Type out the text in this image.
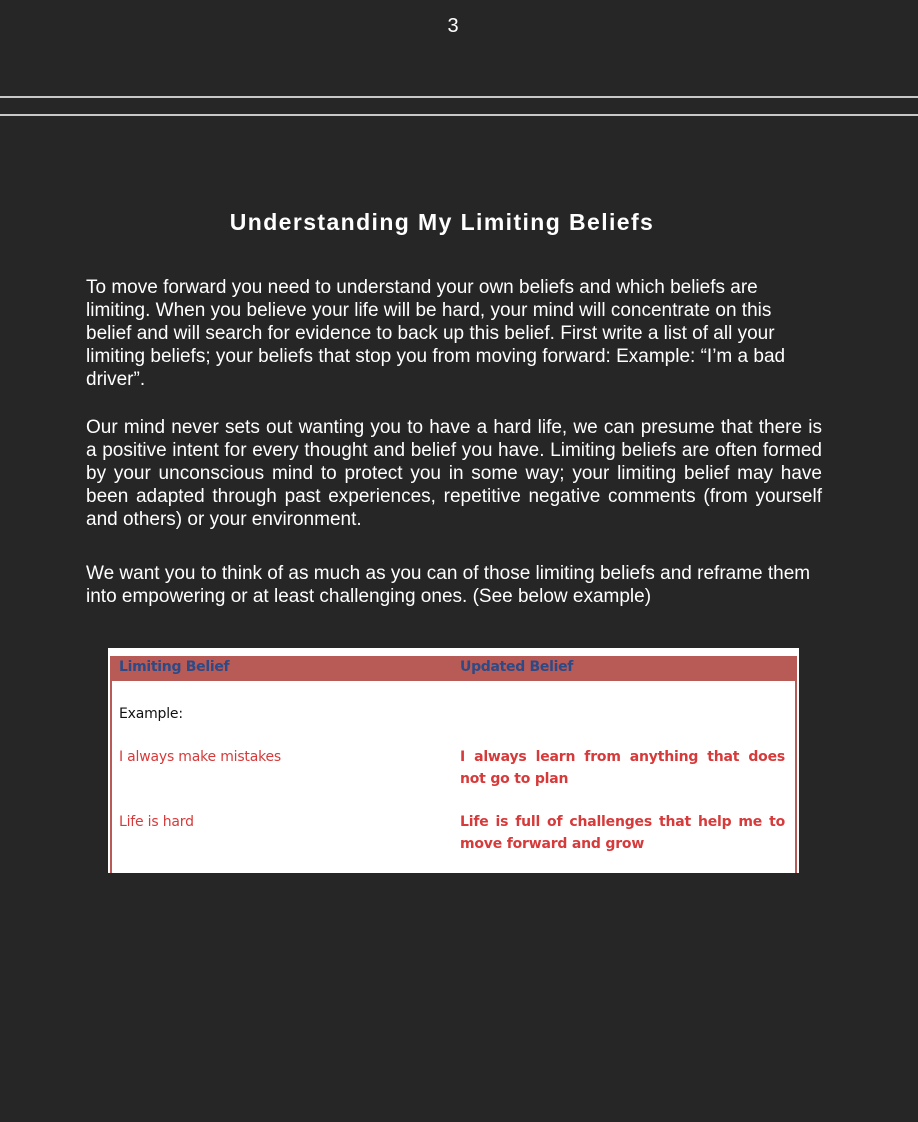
3
Understanding My Limiting Beliefs

To move forward you need to understand your own beliefs and which beliefs are limiting. When you believe your life will be hard, your mind will concentrate on this belief and will search for evidence to back up this belief. First write a list of all your limiting beliefs; your beliefs that stop you from moving forward: Example: “I’m a bad driver”.

Our mind never sets out wanting you to have a hard life, we can presume that there is a positive intent for every thought and belief you have. Limiting beliefs are often formed by your unconscious mind to protect you in some way; your limiting belief may have been adapted through past experiences, repetitive negative comments (from yourself and others) or your environment.

We want you to think of as much as you can of those limiting beliefs and reframe them into empowering or at least challenging ones. (See below example)

Limiting Belief	Updated Belief
Example:
I always make mistakes	I always learn from anything that does not go to plan
Life is hard	Life is full of challenges that help me to move forward and grow
